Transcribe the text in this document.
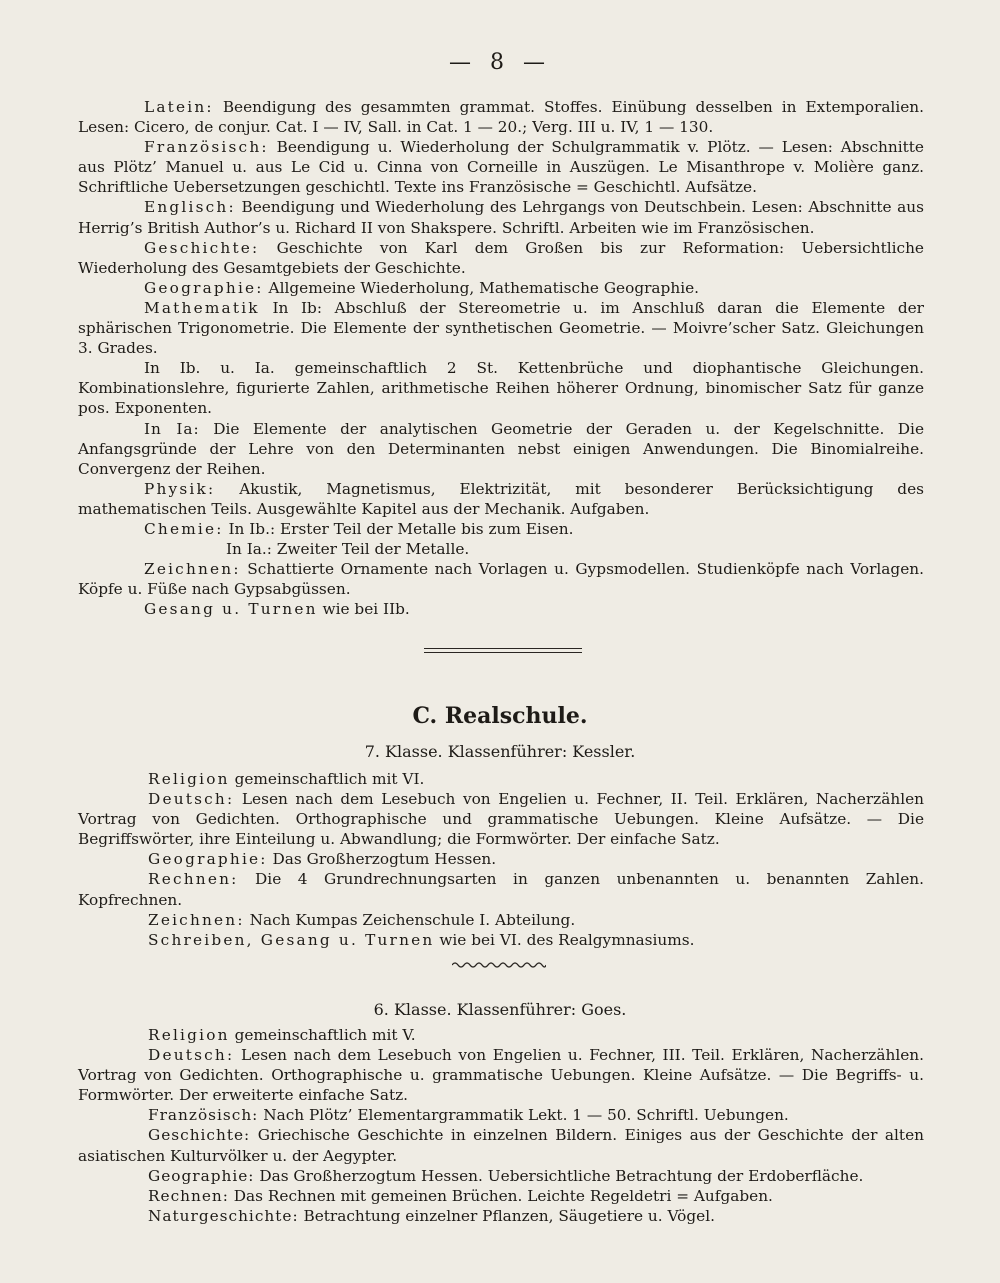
— 8 —

Latein: Beendigung des gesammten grammat. Stoffes. Einübung desselben in Extemporalien. Lesen: Cicero, de conjur. Cat. I — IV, Sall. in Cat. 1 — 20.; Verg. III u. IV, 1 — 130.

Französisch: Beendigung u. Wiederholung der Schulgrammatik v. Plötz. — Lesen: Abschnitte aus Plötz’ Manuel u. aus Le Cid u. Cinna von Corneille in Auszügen. Le Misanthrope v. Molière ganz. Schriftliche Uebersetzungen geschichtl. Texte ins Französische = Geschichtl. Aufsätze.

Englisch: Beendigung und Wiederholung des Lehrgangs von Deutschbein. Lesen: Abschnitte aus Herrig’s British Author’s u. Richard II von Shakspere. Schriftl. Arbeiten wie im Französischen.

Geschichte: Geschichte von Karl dem Großen bis zur Reformation: Uebersichtliche Wiederholung des Gesamtgebiets der Geschichte.

Geographie: Allgemeine Wiederholung, Mathematische Geographie.

Mathematik In Ib: Abschluß der Stereometrie u. im Anschluß daran die Elemente der sphärischen Trigonometrie. Die Elemente der synthetischen Geometrie. — Moivre’scher Satz. Gleichungen 3. Grades.

In Ib. u. Ia. gemeinschaftlich 2 St. Kettenbrüche und diophantische Gleichungen. Kombinationslehre, figurierte Zahlen, arithmetische Reihen höherer Ordnung, binomischer Satz für ganze pos. Exponenten.

In Ia: Die Elemente der analytischen Geometrie der Geraden u. der Kegelschnitte. Die Anfangsgründe der Lehre von den Determinanten nebst einigen Anwendungen. Die Binomialreihe. Convergenz der Reihen.

Physik: Akustik, Magnetismus, Elektrizität, mit besonderer Berücksichtigung des mathematischen Teils. Ausgewählte Kapitel aus der Mechanik. Aufgaben.

Chemie: In Ib.: Erster Teil der Metalle bis zum Eisen.

In Ia.: Zweiter Teil der Metalle.

Zeichnen: Schattierte Ornamente nach Vorlagen u. Gypsmodellen. Studienköpfe nach Vorlagen. Köpfe u. Füße nach Gypsabgüssen.

Gesang u. Turnen wie bei IIb.

C. Realschule.
7. Klasse. Klassenführer: Kessler.

Religion gemeinschaftlich mit VI.

Deutsch: Lesen nach dem Lesebuch von Engelien u. Fechner, II. Teil. Erklären, Nacherzählen Vortrag von Gedichten. Orthographische und grammatische Uebungen. Kleine Aufsätze. — Die Begriffswörter, ihre Einteilung u. Abwandlung; die Formwörter. Der einfache Satz.

Geographie: Das Großherzogtum Hessen.

Rechnen: Die 4 Grundrechnungsarten in ganzen unbenannten u. benannten Zahlen. Kopfrechnen.

Zeichnen: Nach Kumpas Zeichenschule I. Abteilung.

Schreiben, Gesang u. Turnen wie bei VI. des Realgymnasiums.

6. Klasse. Klassenführer: Goes.

Religion gemeinschaftlich mit V.

Deutsch: Lesen nach dem Lesebuch von Engelien u. Fechner, III. Teil. Erklären, Nacherzählen. Vortrag von Gedichten. Orthographische u. grammatische Uebungen. Kleine Aufsätze. — Die Begriffs- u. Formwörter. Der erweiterte einfache Satz.

Französisch: Nach Plötz’ Elementargrammatik Lekt. 1 — 50. Schriftl. Uebungen.

Geschichte: Griechische Geschichte in einzelnen Bildern. Einiges aus der Geschichte der alten asiatischen Kulturvölker u. der Aegypter.

Geographie: Das Großherzogtum Hessen. Uebersichtliche Betrachtung der Erdoberfläche.

Rechnen: Das Rechnen mit gemeinen Brüchen. Leichte Regeldetri = Aufgaben.

Naturgeschichte: Betrachtung einzelner Pflanzen, Säugetiere u. Vögel.
